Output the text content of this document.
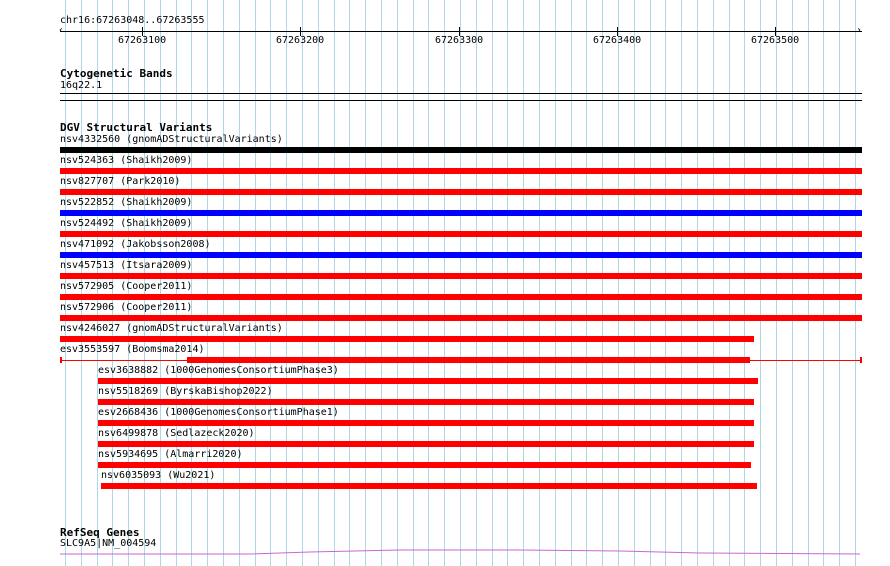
chr16:67263048..67263555
‹	›
67263100	67263200	67263300	67263400	67263500
Cytogenetic Bands
16q22.1
DGV Structural Variants
nsv4332560 (gnomADStructuralVariants)
nsv524363 (Shaikh2009)
nsv827707 (Park2010)
nsv522852 (Shaikh2009)
nsv524492 (Shaikh2009)
nsv471092 (Jakobsson2008)
nsv457513 (Itsara2009)
nsv572905 (Cooper2011)
nsv572906 (Cooper2011)
nsv4246027 (gnomADStructuralVariants)
esv3553597 (Boomsma2014)
esv3638882 (1000GenomesConsortiumPhase3)
nsv5518269 (ByrskaBishop2022)
esv2668436 (1000GenomesConsortiumPhase1)
nsv6499878 (Sedlazeck2020)
nsv5934695 (Almarri2020)
nsv6035093 (Wu2021)
RefSeq Genes
SLC9A5|NM_004594
